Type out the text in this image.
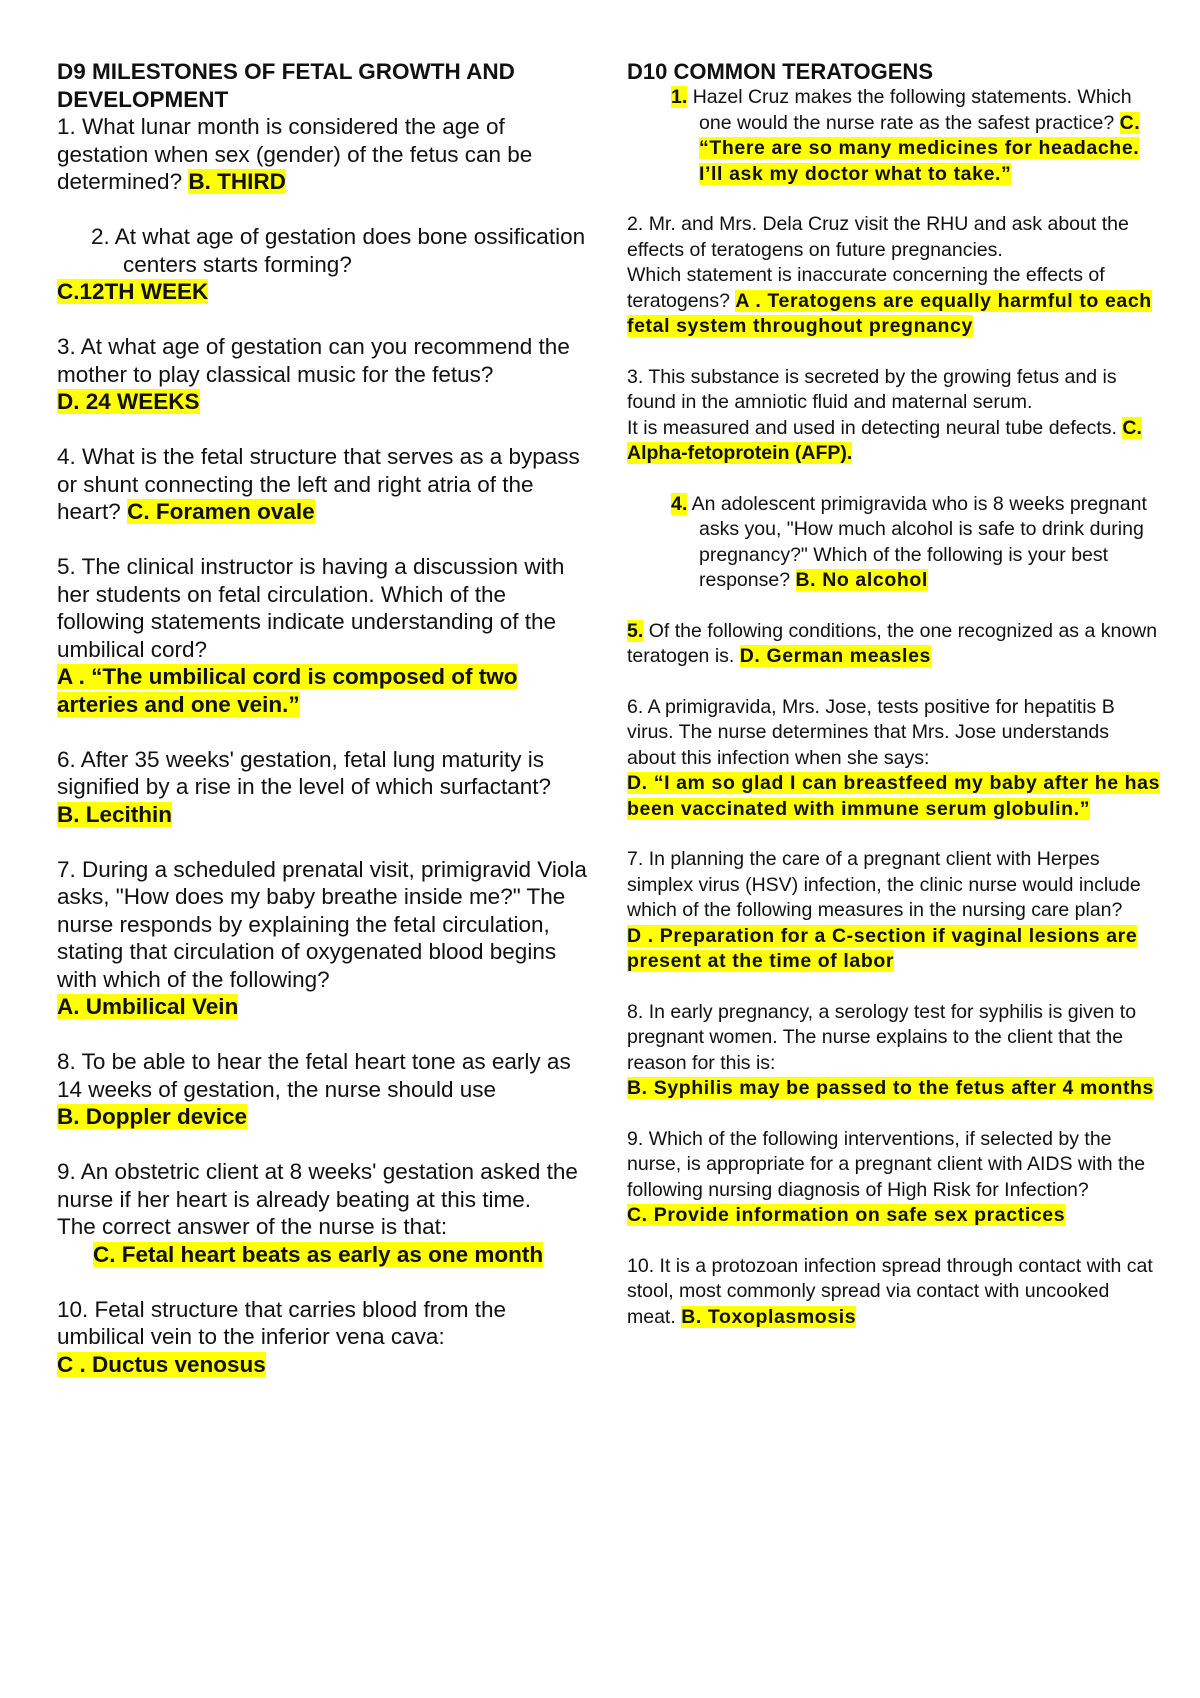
D9 MILESTONES OF FETAL GROWTH AND DEVELOPMENT

1. What lunar month is considered the age of gestation when sex (gender) of the fetus can be determined? B. THIRD

2. At what age of gestation does bone ossification centers starts forming?
C.12TH WEEK

3. At what age of gestation can you recommend the mother to play classical music for the fetus?
D. 24 WEEKS

4. What is the fetal structure that serves as a bypass or shunt connecting the left and right atria of the heart? C. Foramen ovale

5. The clinical instructor is having a discussion with her students on fetal circulation. Which of the following statements indicate understanding of the umbilical cord?
A . “The umbilical cord is composed of two arteries and one vein.”

6. After 35 weeks' gestation, fetal lung maturity is signified by a rise in the level of which surfactant?
B. Lecithin

7. During a scheduled prenatal visit, primigravid Viola asks, "How does my baby breathe inside me?" The nurse responds by explaining the fetal circulation, stating that circulation of oxygenated blood begins with which of the following?
A. Umbilical Vein

8. To be able to hear the fetal heart tone as early as 14 weeks of gestation, the nurse should use
B. Doppler device

9. An obstetric client at 8 weeks' gestation asked the nurse if her heart is already beating at this time.
The correct answer of the nurse is that:
C. Fetal heart beats as early as one month

10. Fetal structure that carries blood from the umbilical vein to the inferior vena cava:
C . Ductus venosus

D10 COMMON TERATOGENS

1. Hazel Cruz makes the following statements. Which one would the nurse rate as the safest practice? C. “There are so many medicines for headache. I’ll ask my doctor what to take.”

2. Mr. and Mrs. Dela Cruz visit the RHU and ask about the effects of teratogens on future pregnancies.
Which statement is inaccurate concerning the effects of teratogens? A . Teratogens are equally harmful to each fetal system throughout pregnancy

3. This substance is secreted by the growing fetus and is found in the amniotic fluid and maternal serum.
It is measured and used in detecting neural tube defects. C. Alpha-fetoprotein (AFP).

4. An adolescent primigravida who is 8 weeks pregnant asks you, "How much alcohol is safe to drink during pregnancy?" Which of the following is your best response? B. No alcohol

5. Of the following conditions, the one recognized as a known teratogen is. D. German measles

6. A primigravida, Mrs. Jose, tests positive for hepatitis B virus. The nurse determines that Mrs. Jose understands about this infection when she says:
D. “I am so glad I can breastfeed my baby after he has been vaccinated with immune serum globulin.”

7. In planning the care of a pregnant client with Herpes simplex virus (HSV) infection, the clinic nurse would include which of the following measures in the nursing care plan?
D . Preparation for a C-section if vaginal lesions are present at the time of labor

8. In early pregnancy, a serology test for syphilis is given to pregnant women. The nurse explains to the client that the reason for this is:
B. Syphilis may be passed to the fetus after 4 months

9. Which of the following interventions, if selected by the nurse, is appropriate for a pregnant client with AIDS with the following nursing diagnosis of High Risk for Infection?
C. Provide information on safe sex practices

10. It is a protozoan infection spread through contact with cat stool, most commonly spread via contact with uncooked meat. B. Toxoplasmosis
